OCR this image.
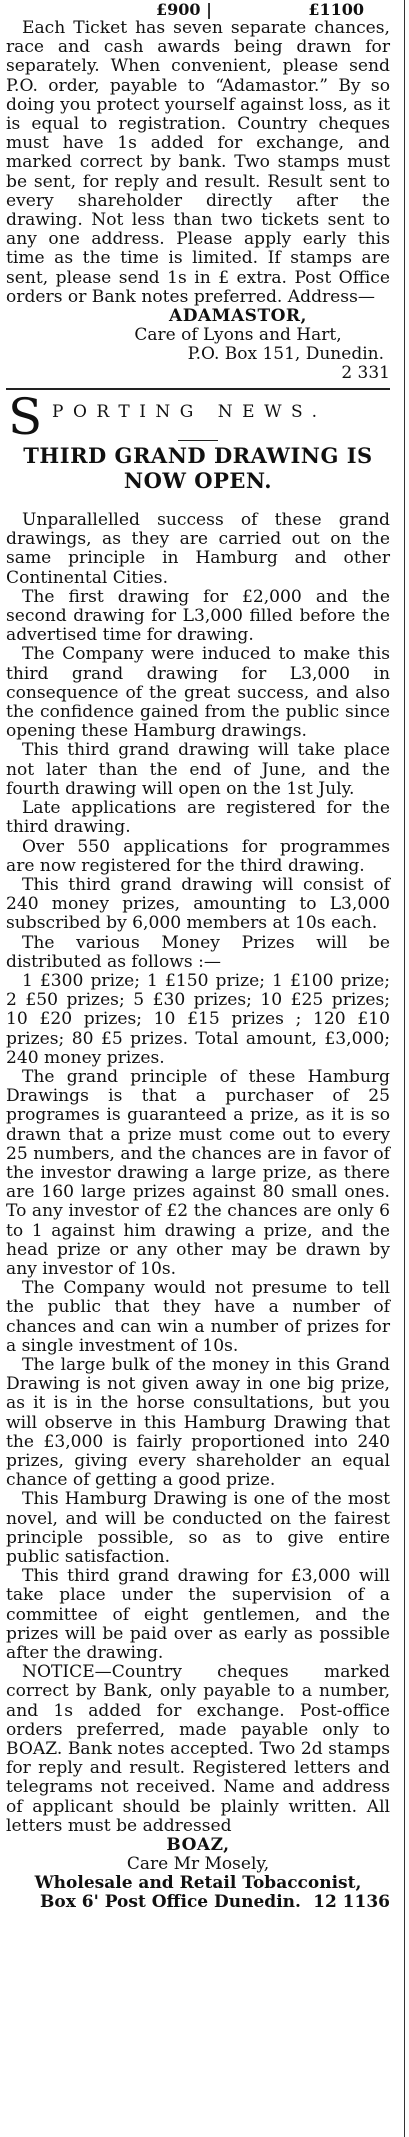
£900 |	£1100

Each Ticket has seven separate chances, race and cash awards being drawn for separately. When convenient, please send P.O. order, payable to “Adamastor.” By so doing you protect yourself against loss, as it is equal to registration. Country cheques must have 1s added for exchange, and marked correct by bank. Two stamps must be sent, for reply and result. Result sent to every shareholder directly after the drawing. Not less than two tickets sent to any one address. Please apply early this time as the time is limited. If stamps are sent, please send 1s in £ extra. Post Office orders or Bank notes preferred. Address—

ADAMASTOR,
Care of Lyons and Hart,
P.O. Box 151, Dunedin.
2 331
S PORTING NEWS.
THIRD GRAND DRAWING IS
NOW OPEN.

Unparallelled success of these grand drawings, as they are carried out on the same principle in Hamburg and other Continental Cities.

The first drawing for £2,000 and the second drawing for L3,000 filled before the advertised time for drawing.

The Company were induced to make this third grand drawing for L3,000 in consequence of the great success, and also the confidence gained from the public since opening these Hamburg drawings.

This third grand drawing will take place not later than the end of June, and the fourth drawing will open on the 1st July.

Late applications are registered for the third drawing.

Over 550 applications for programmes are now registered for the third drawing.

This third grand drawing will consist of 240 money prizes, amounting to L3,000 subscribed by 6,000 members at 10s each.

The various Money Prizes will be distributed as follows :—

1 £300 prize; 1 £150 prize; 1 £100 prize; 2 £50 prizes; 5 £30 prizes; 10 £25 prizes; 10 £20 prizes; 10 £15 prizes ; 120 £10 prizes; 80 £5 prizes. Total amount, £3,000; 240 money prizes.

The grand principle of these Hamburg Drawings is that a purchaser of 25 programes is guaranteed a prize, as it is so drawn that a prize must come out to every 25 numbers, and the chances are in favor of the investor drawing a large prize, as there are 160 large prizes against 80 small ones. To any investor of £2 the chances are only 6 to 1 against him drawing a prize, and the head prize or any other may be drawn by any investor of 10s.

The Company would not presume to tell the public that they have a number of chances and can win a number of prizes for a single investment of 10s.

The large bulk of the money in this Grand Drawing is not given away in one big prize, as it is in the horse consultations, but you will observe in this Hamburg Drawing that the £3,000 is fairly proportioned into 240 prizes, giving every shareholder an equal chance of getting a good prize.

This Hamburg Drawing is one of the most novel, and will be conducted on the fairest principle possible, so as to give entire public satisfaction.

This third grand drawing for £3,000 will take place under the supervision of a committee of eight gentlemen, and the prizes will be paid over as early as possible after the drawing.

NOTICE—Country cheques marked correct by Bank, only payable to a number, and 1s added for exchange. Post-office orders preferred, made payable only to BOAZ. Bank notes accepted. Two 2d stamps for reply and result. Registered letters and telegrams not received. Name and address of applicant should be plainly written. All letters must be addressed

BOAZ,
Care Mr Mosely,
Wholesale and Retail Tobacconist,
Box 6' Post Office Dunedin. 12 1136
